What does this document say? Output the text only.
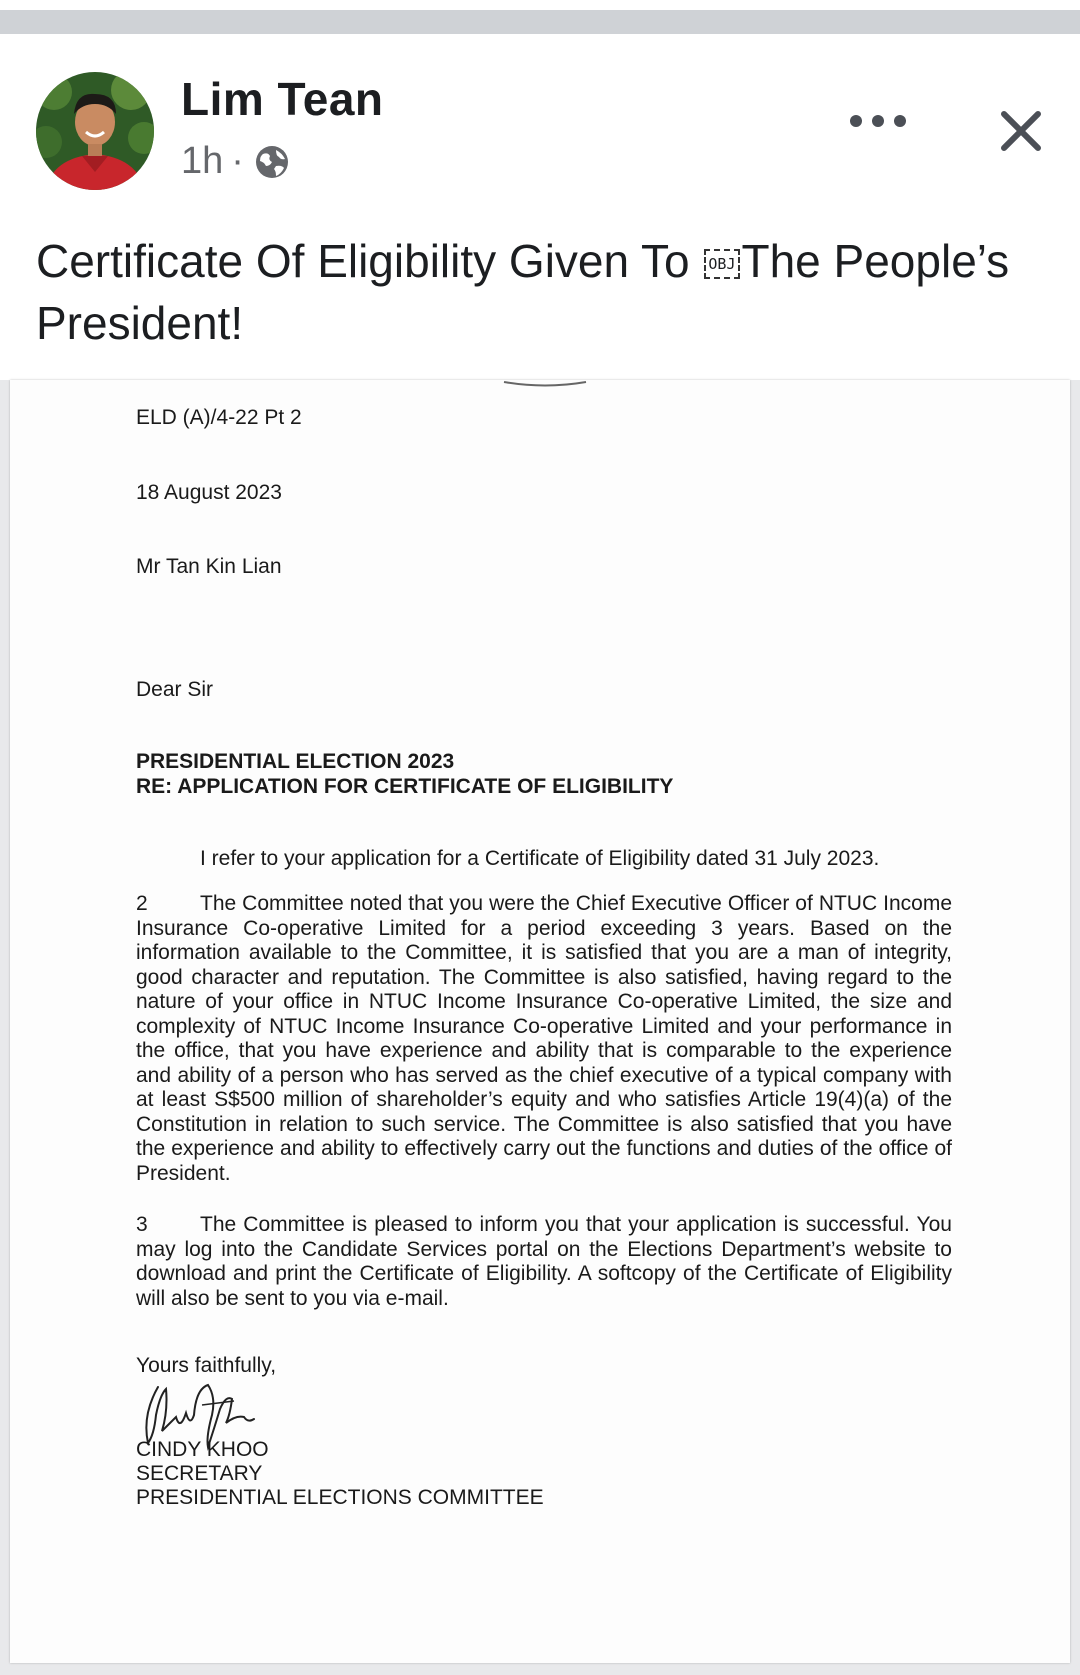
Lim Tean
1h ·
Certificate Of Eligibility Given To OBJ The People’s President!
ELD (A)/4-22 Pt 2
18 August 2023
Mr Tan Kin Lian
Dear Sir
PRESIDENTIAL ELECTION 2023
RE: APPLICATION FOR CERTIFICATE OF ELIGIBILITY
I refer to your application for a Certificate of Eligibility dated 31 July 2023.
2 The Committee noted that you were the Chief Executive Officer of NTUC Income Insurance Co-operative Limited for a period exceeding 3 years. Based on the information available to the Committee, it is satisfied that you are a man of integrity, good character and reputation. The Committee is also satisfied, having regard to the nature of your office in NTUC Income Insurance Co-operative Limited, the size and complexity of NTUC Income Insurance Co-operative Limited and your performance in the office, that you have experience and ability that is comparable to the experience and ability of a person who has served as the chief executive of a typical company with at least S$500 million of shareholder’s equity and who satisfies Article 19(4)(a) of the Constitution in relation to such service. The Committee is also satisfied that you have the experience and ability to effectively carry out the functions and duties of the office of President.
3 The Committee is pleased to inform you that your application is successful. You may log into the Candidate Services portal on the Elections Department’s website to download and print the Certificate of Eligibility. A softcopy of the Certificate of Eligibility will also be sent to you via e-mail.
Yours faithfully,
CINDY KHOO
SECRETARY
PRESIDENTIAL ELECTIONS COMMITTEE
